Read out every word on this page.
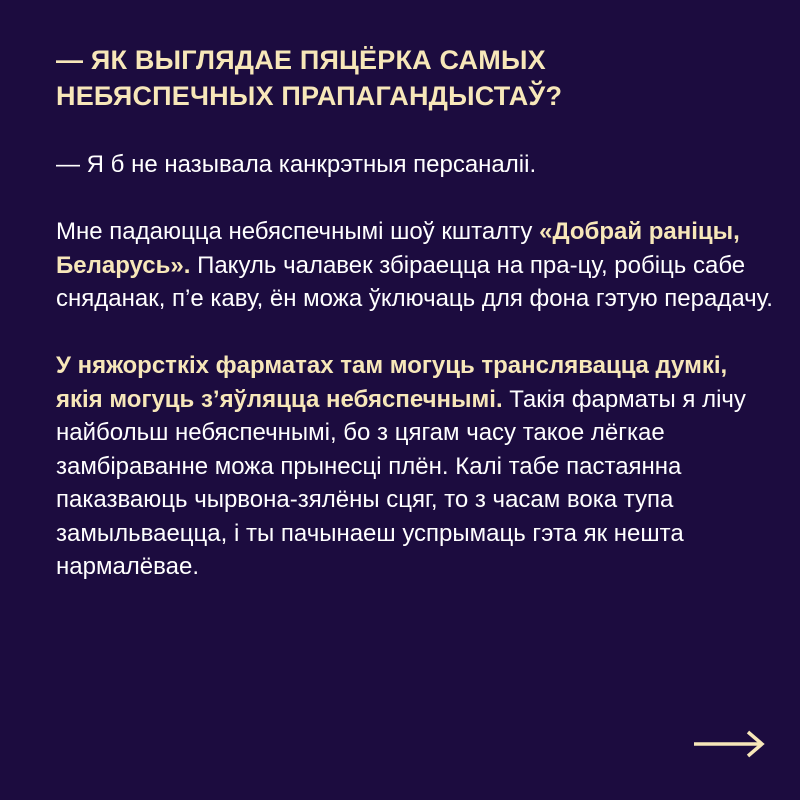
— ЯК ВЫГЛЯДАЕ ПЯЦЁРКА САМЫХ
НЕБЯСПЕЧНЫХ ПРАПАГАНДЫСТАЎ?

— Я б не называла канкрэтныя персаналіі.

Мне падаюцца небяспечнымі шоў кшталту «Добрай раніцы, Беларусь». Пакуль чалавек збіраецца на пра-цу, робіць сабе сняданак, п’е каву, ён можа ўключаць для фона гэтую перадачу.

У няжорсткіх фарматах там могуць трансляваццa думкі, якія могуць з’яўляцца небяспечнымі. Такія фарматы я лічу найбольш небяспечнымі, бо з цягам часу такое лёгкае замбіраванне можа прынесці плён. Калі табе пастаянна паказваюць чырвона-зялёны сцяг, то з часам вока тупа замыльваецца, і ты пачынаеш успрымаць гэта як нешта нармалёвае.
